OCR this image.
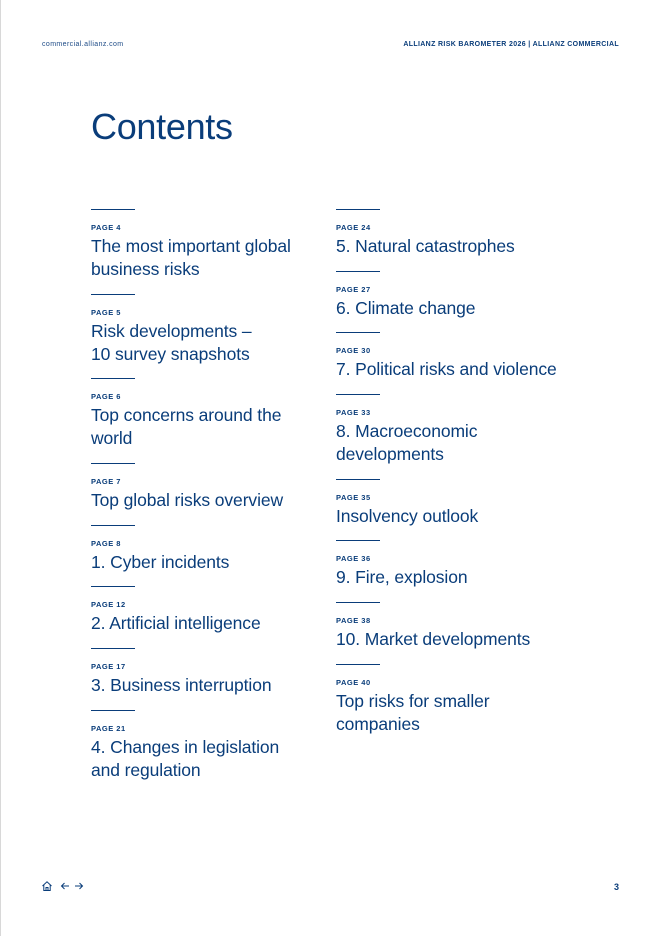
commercial.allianz.com	ALLIANZ RISK BAROMETER 2026 | ALLIANZ COMMERCIAL
Contents
PAGE 4
The most important global business risks
PAGE 5
Risk developments – 10 survey snapshots
PAGE 6
Top concerns around the world
PAGE 7
Top global risks overview
PAGE 8
1. Cyber incidents
PAGE 12
2. Artificial intelligence
PAGE 17
3. Business interruption
PAGE 21
4. Changes in legislation and regulation
PAGE 24
5. Natural catastrophes
PAGE 27
6. Climate change
PAGE 30
7. Political risks and violence
PAGE 33
8. Macroeconomic developments
PAGE 35
Insolvency outlook
PAGE 36
9. Fire, explosion
PAGE 38
10. Market developments
PAGE 40
Top risks for smaller companies
3
